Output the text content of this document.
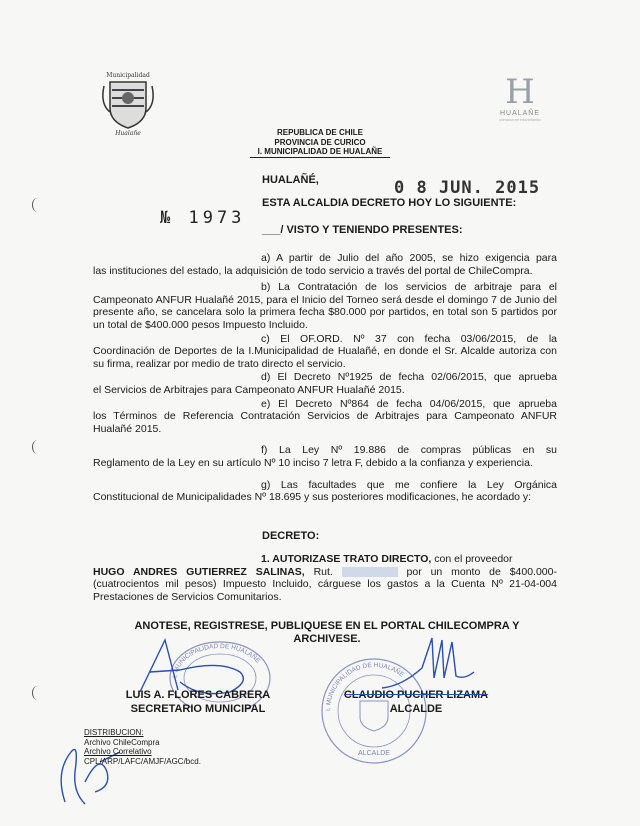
Municipalidad
Hualañe
H
HUALAÑE
comuna en movimiento
REPUBLICA DE CHILE
PROVINCIA DE CURICO
I. MUNICIPALIDAD DE HUALAÑE
HUALAÑÉ,	0 8 JUN. 2015
№ 1973
ESTA ALCALDIA DECRETO HOY LO SIGUIENTE:
___/ VISTO Y TENIENDO PRESENTES:
a) A partir de Julio del año 2005, se hizo exigencia para
las instituciones del estado, la adquisición de todo servicio a través del portal de ChileCompra.
b) La Contratación de los servicios de arbitraje para el
Campeonato ANFUR Hualañé 2015, para el Inicio del Torneo será desde el domingo 7 de Junio del presente año, se cancelara solo la primera fecha $80.000 por partidos, en total son 5 partidos por un total de $400.000 pesos Impuesto Incluido.
c) El OF.ORD. Nº 37 con fecha 03/06/2015, de la
Coordinación de Deportes de la I.Municipalidad de Hualañé, en donde el Sr. Alcalde autoriza con su firma, realizar por medio de trato directo el servicio.
d) El Decreto Nº1925 de fecha 02/06/2015, que aprueba
el Servicios de Arbitrajes para Campeonato ANFUR Hualañé 2015.
e) El Decreto Nº864 de fecha 04/06/2015, que aprueba
los Términos de Referencia Contratación Servicios de Arbitrajes para Campeonato ANFUR Hualañé 2015.
f) La Ley Nº 19.886 de compras públicas en su
Reglamento de la Ley en su artículo Nº 10 inciso 7 letra F, debido a la confianza y experiencia.
g) Las facultades que me confiere la Ley Orgánica
Constitucional de Municipalidades Nº 18.695 y sus posteriores modificaciones, he acordado y:
DECRETO:
1. AUTORIZASE TRATO DIRECTO, con el proveedor
HUGO ANDRES GUTIERREZ SALINAS, Rut.	por un monto de $400.000-(cuatrocientos mil pesos) Impuesto Incluido, cárguese los gastos a la Cuenta Nº 21-04-004 Prestaciones de Servicios Comunitarios.
ANOTESE, REGISTRESE, PUBLIQUESE EN EL PORTAL CHILECOMPRA Y ARCHIVESE.
I. MUNICIPALIDAD DE HUALAÑE
I. MUNICIPALIDAD DE HUALAÑE
ALCALDE
LUIS A. FLORES CABRERA
SECRETARIO MUNICIPAL
CLAUDIO PUCHER LIZAMA
ALCALDE
DISTRIBUCION:
Archivo ChileCompra
Archivo Correlativo
CPL/ARP/LAFC/AMJF/AGC/bcd.
